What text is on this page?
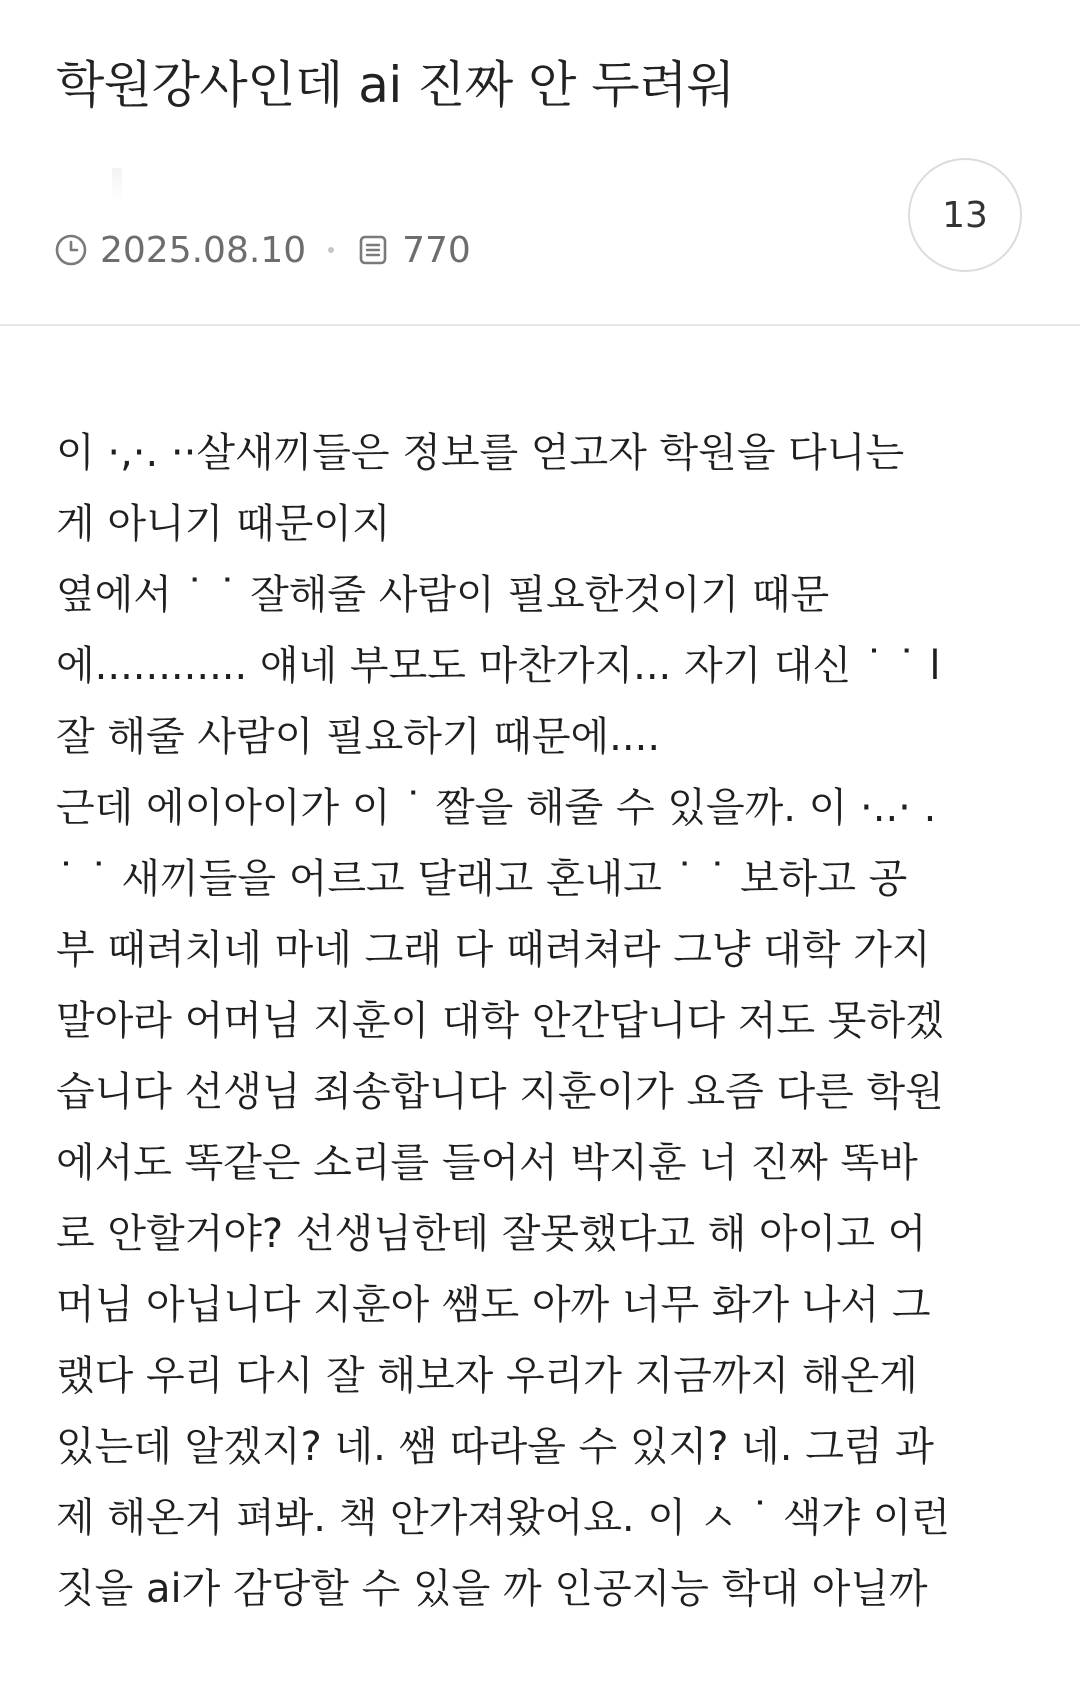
학원강사인데 ai 진짜 안 두려워
2025.08.10	770
13
이 ·,·. ··살새끼들은 정보를 얻고자 학원을 다니는
게 아니기 때문이지
옆에서 ˙ ˙ 잘해줄 사람이 필요한것이기 때문
에............ 얘네 부모도 마찬가지... 자기 대신 ˙ ˙ l
잘 해줄 사람이 필요하기 때문에....
근데 에이아이가 이 ˙ 짤을 해줄 수 있을까. 이 ·..· .
˙ ˙ 새끼들을 어르고 달래고 혼내고 ˙ ˙ 보하고 공
부 때려치네 마네 그래 다 때려쳐라 그냥 대학 가지
말아라 어머님 지훈이 대학 안간답니다 저도 못하겠
습니다 선생님 죄송합니다 지훈이가 요즘 다른 학원
에서도 똑같은 소리를 들어서 박지훈 너 진짜 똑바
로 안할거야? 선생님한테 잘못했다고 해 아이고 어
머님 아닙니다 지훈아 쌤도 아까 너무 화가 나서 그
랬다 우리 다시 잘 해보자 우리가 지금까지 해온게
있는데 알겠지? 네. 쌤 따라올 수 있지? 네. 그럼 과
제 해온거 펴봐. 책 안가져왔어요. 이 ㅅ ˙ 색갸 이런
짓을 ai가 감당할 수 있을 까 인공지능 학대 아닐까
